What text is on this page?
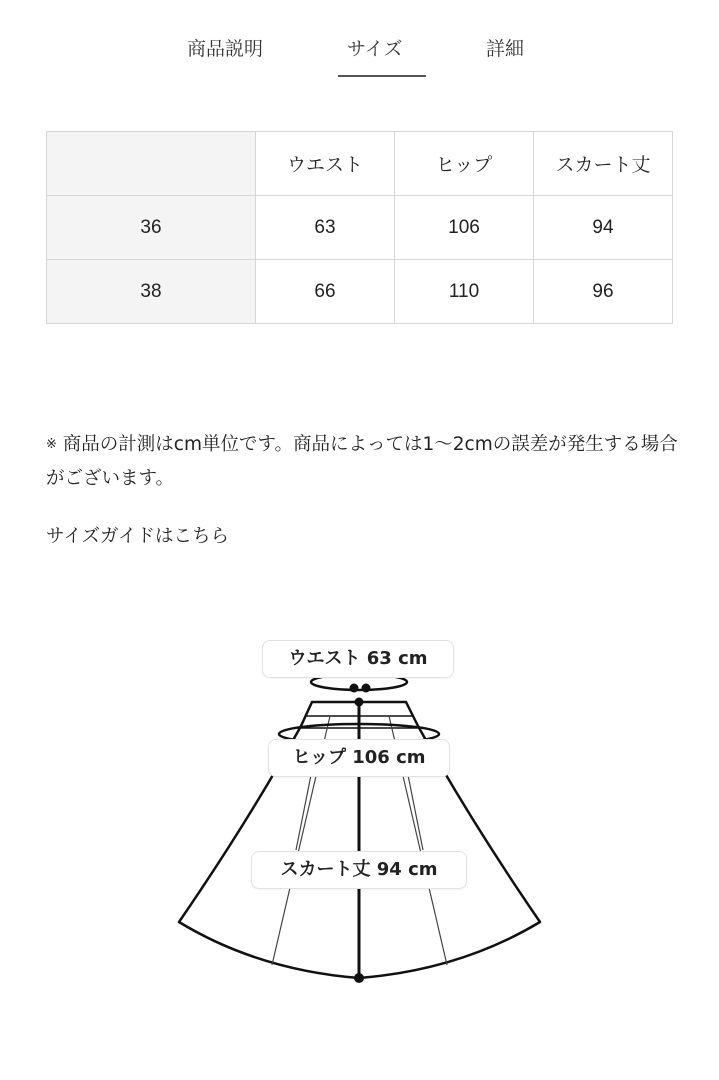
商品説明	サイズ	詳細
	ウエスト	ヒップ	スカート丈
36	63	106	94
38	66	110	96
※ 商品の計測はcm単位です。商品によっては1〜2cmの誤差が発生する場合がございます。
サイズガイドはこちら
ウエスト 63 cm
ヒップ 106 cm
スカート丈 94 cm
